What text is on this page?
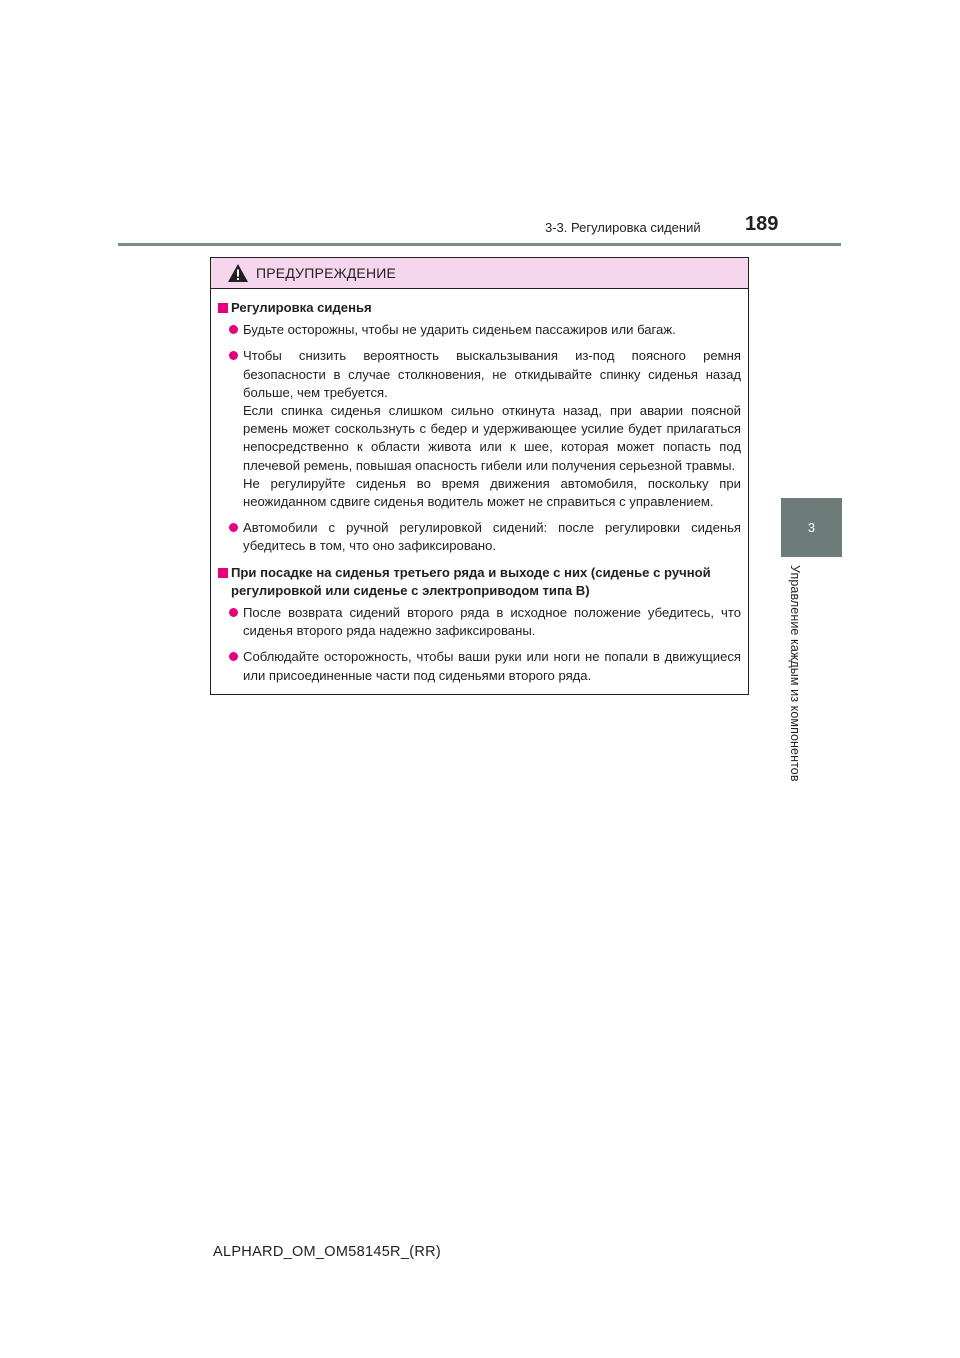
3-3. Регулировка сидений 189
3
Управление каждым из компонентов
ПРЕДУПРЕЖДЕНИЕ
Регулировка сиденья

Будьте осторожны, чтобы не ударить сиденьем пассажиров или багаж.

Чтобы снизить вероятность выскальзывания из-под поясного ремня безопасности в случае столкновения, не откидывайте спинку сиденья назад больше, чем требуется.

Если спинка сиденья слишком сильно откинута назад, при аварии поясной ремень может соскользнуть с бедер и удерживающее усилие будет прилагаться непосредственно к области живота или к шее, которая может попасть под плечевой ремень, повышая опасность гибели или получения серьезной травмы.

Не регулируйте сиденья во время движения автомобиля, поскольку при неожиданном сдвиге сиденья водитель может не справиться с управлением.

Автомобили с ручной регулировкой сидений: после регулировки сиденья убедитесь в том, что оно зафиксировано.

При посадке на сиденья третьего ряда и выходе с них (сиденье с ручной регулировкой или сиденье с электроприводом типа B)

После возврата сидений второго ряда в исходное положение убедитесь, что сиденья второго ряда надежно зафиксированы.

Соблюдайте осторожность, чтобы ваши руки или ноги не попали в движущиеся или присоединенные части под сиденьями второго ряда.

ALPHARD_OM_OM58145R_(RR)
